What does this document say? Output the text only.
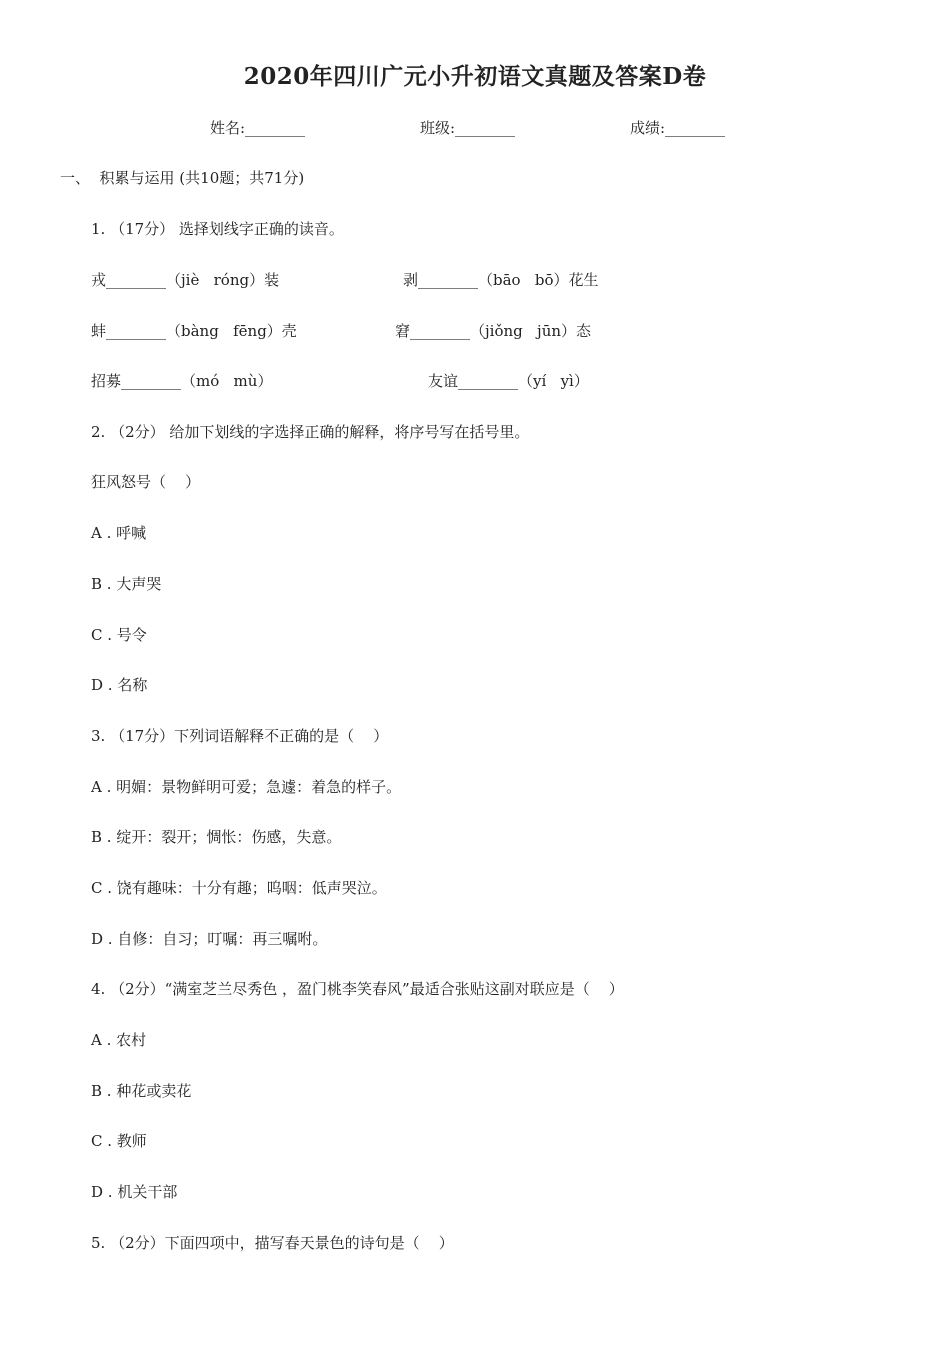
2020年四川广元小升初语文真题及答案D卷
姓名:________	班级:________	成绩:________
一、  积累与运用 (共10题；共71分)
1. （17分） 选择划线字正确的读音。
戎________（jiè   róng）装	剥________（bāo   bō）花生
蚌________（bàng   fēng）壳	窘________（jiǒng   jūn）态
招募________（mó   mù）	友谊________（yí   yì）
2. （2分） 给加下划线的字选择正确的解释，将序号写在括号里。
狂风怒号（    ）
A . 呼喊
B . 大声哭
C . 号令
D . 名称
3. （17分）下列词语解释不正确的是（    ）
A . 明媚：景物鲜明可爱；急遽：着急的样子。
B . 绽开：裂开；惆怅：伤感，失意。
C . 饶有趣味：十分有趣；呜咽：低声哭泣。
D . 自修：自习；叮嘱：再三嘱咐。
4. （2分）“满室芝兰尽秀色 ，盈门桃李笑春风”最适合张贴这副对联应是（    ）
A . 农村
B . 种花或卖花
C . 教师
D . 机关干部
5. （2分）下面四项中，描写春天景色的诗句是（    ）
